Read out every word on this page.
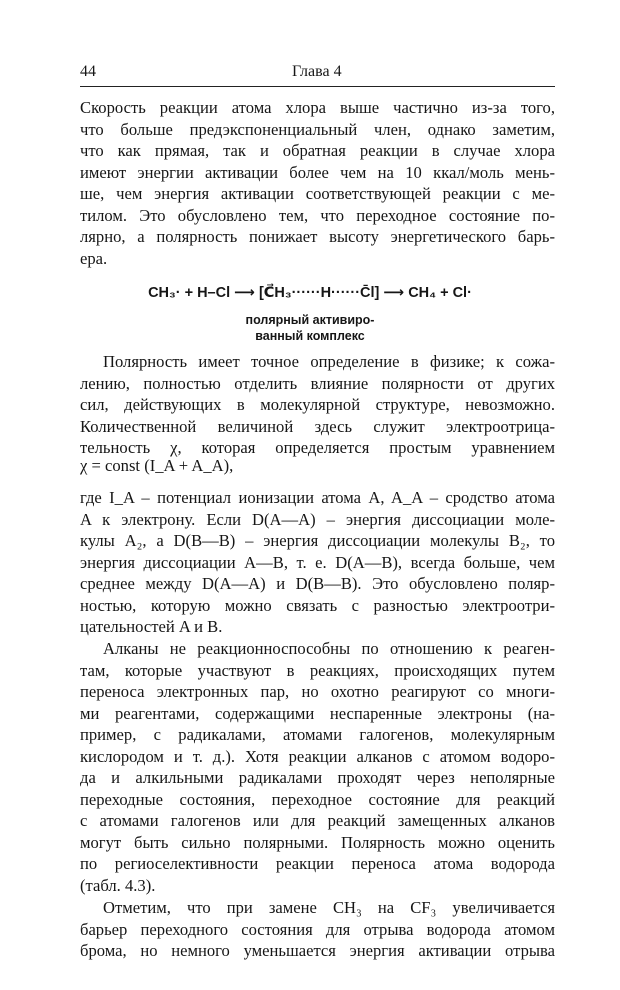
44	Глава 4
Скорость реакции атома хлора выше частично из-за того,
что больше предэкспоненциальный член, однако заметим,
что как прямая, так и обратная реакции в случае хлора
имеют энергии активации более чем на 10 ккал/моль мень-
ше, чем энергия активации соответствующей реакции с ме-
тилом. Это обусловлено тем, что переходное состояние по-
лярно, а полярность понижает высоту энергетического барь-
ера.
CH₃· + H–Cl ⟶ [C⃗H₃······H······C̄l] ⟶ CH₄ + Cl·
полярный активиро-
ванный комплекс
Полярность имеет точное определение в физике; к сожа-
лению, полностью отделить влияние полярности от других
сил, действующих в молекулярной структуре, невозможно.
Количественной величиной здесь служит электроотрица-
тельность χ, которая определяется простым уравнением
χ = const (I_A + A_A),
где I_A – потенциал ионизации атома A, A_A – сродство атома
A к электрону. Если D(A—A) – энергия диссоциации моле-
кулы A₂, а D(B—B) – энергия диссоциации молекулы B₂, то
энергия диссоциации A—B, т. е. D(A—B), всегда больше, чем
среднее между D(A—A) и D(B—B). Это обусловлено поляр-
ностью, которую можно связать с разностью электроотри-
цательностей A и B.
Алканы не реакционноспособны по отношению к реаген-
там, которые участвуют в реакциях, происходящих путем
переноса электронных пар, но охотно реагируют со многи-
ми реагентами, содержащими неспаренные электроны (на-
пример, с радикалами, атомами галогенов, молекулярным
кислородом и т. д.). Хотя реакции алканов с атомом водоро-
да и алкильными радикалами проходят через неполярные
переходные состояния, переходное состояние для реакций
с атомами галогенов или для реакций замещенных алканов
могут быть сильно полярными. Полярность можно оценить
по региоселективности реакции переноса атома водорода
(табл. 4.3).
Отметим, что при замене CH₃ на CF₃ увеличивается
барьер переходного состояния для отрыва водорода атомом
брома, но немного уменьшается энергия активации отрыва
